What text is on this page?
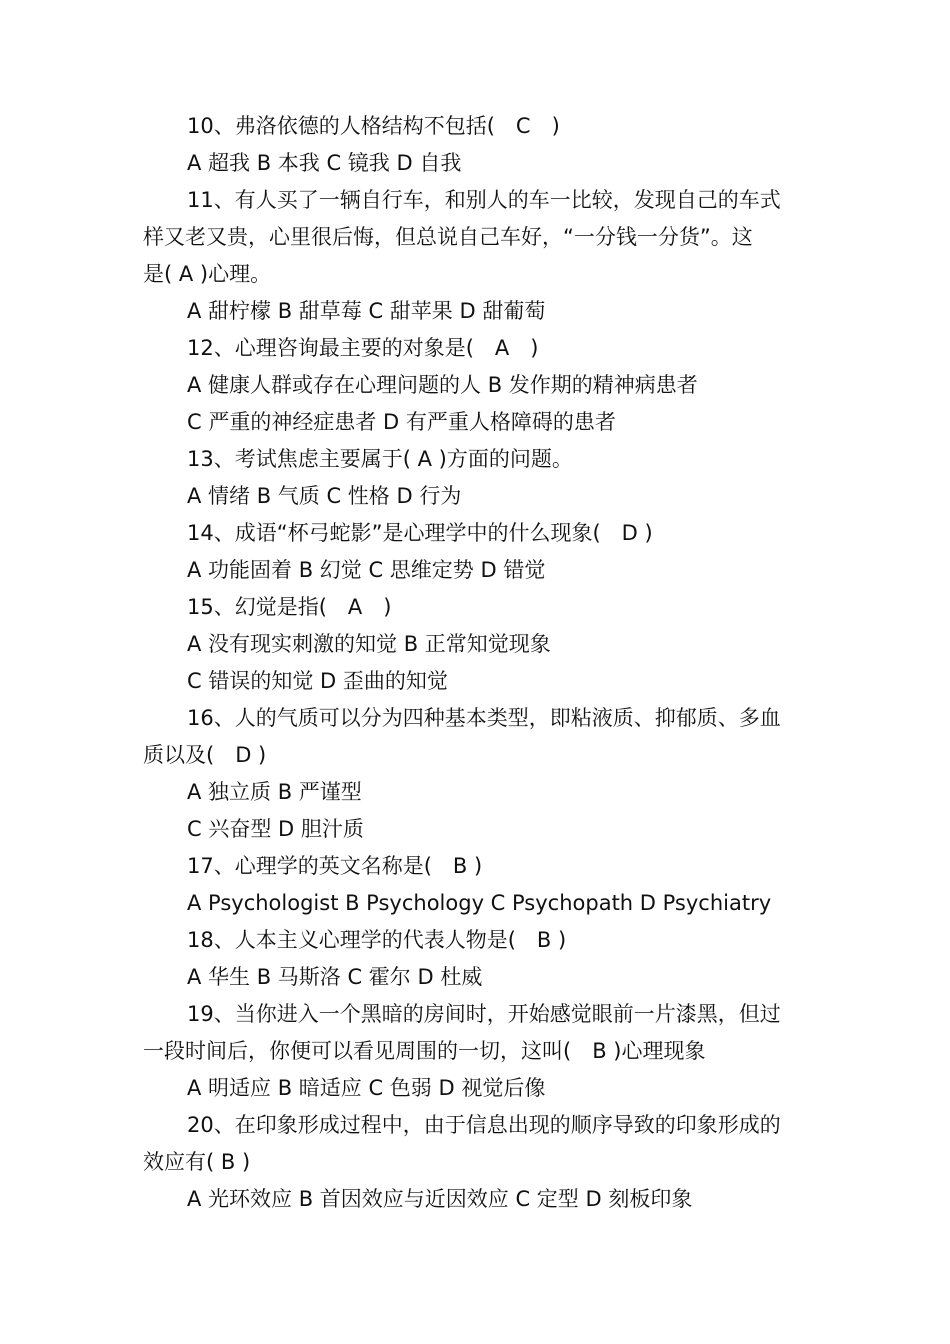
10、弗洛依德的人格结构不包括(　C　)
A 超我 B 本我 C 镜我 D 自我
11、有人买了一辆自行车，和别人的车一比较，发现自己的车式
样又老又贵，心里很后悔，但总说自己车好，“一分钱一分货”。这
是( A )心理。
A 甜柠檬 B 甜草莓 C 甜苹果 D 甜葡萄
12、心理咨询最主要的对象是(　A　)
A 健康人群或存在心理问题的人 B 发作期的精神病患者
C 严重的神经症患者 D 有严重人格障碍的患者
13、考试焦虑主要属于( A )方面的问题。
A 情绪 B 气质 C 性格 D 行为
14、成语“杯弓蛇影”是心理学中的什么现象(　D )
A 功能固着 B 幻觉 C 思维定势 D 错觉
15、幻觉是指(　A　)
A 没有现实刺激的知觉 B 正常知觉现象
C 错误的知觉 D 歪曲的知觉
16、人的气质可以分为四种基本类型，即粘液质、抑郁质、多血
质以及(　D )
A 独立质 B 严谨型
C 兴奋型 D 胆汁质
17、心理学的英文名称是(　B )
A Psychologist B Psychology C Psychopath D Psychiatry
18、人本主义心理学的代表人物是(　B )
A 华生 B 马斯洛 C 霍尔 D 杜威
19、当你进入一个黑暗的房间时，开始感觉眼前一片漆黑，但过
一段时间后，你便可以看见周围的一切，这叫(　B )心理现象
A 明适应 B 暗适应 C 色弱 D 视觉后像
20、在印象形成过程中，由于信息出现的顺序导致的印象形成的
效应有( B )
A 光环效应 B 首因效应与近因效应 C 定型 D 刻板印象
